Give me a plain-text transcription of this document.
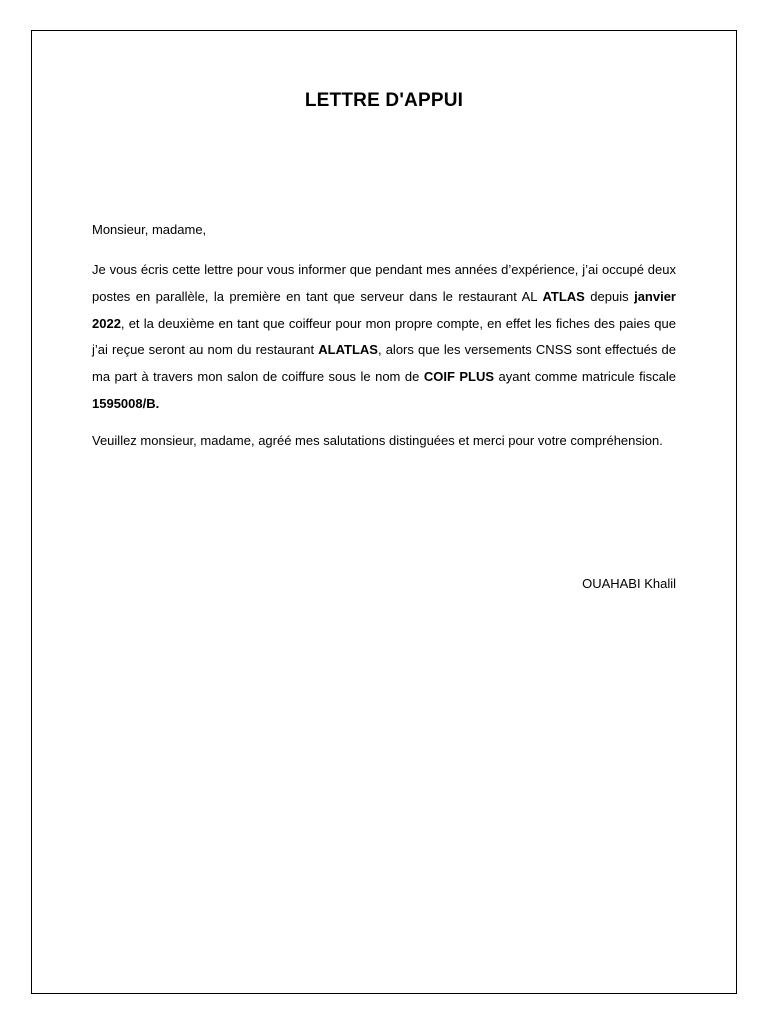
LETTRE D'APPUI
Monsieur, madame,
Je vous écris cette lettre pour vous informer que pendant mes années d’expérience, j’ai occupé deux postes en parallèle, la première en tant que serveur dans le restaurant AL ATLAS depuis janvier 2022, et la deuxième en tant que coiffeur pour mon propre compte, en effet les fiches des paies que j’ai reçue seront au nom du restaurant ALATLAS, alors que les versements CNSS sont effectués de ma part à travers mon salon de coiffure sous le nom de COIF PLUS ayant comme matricule fiscale 1595008/B.
Veuillez monsieur, madame, agréé mes salutations distinguées et merci pour votre compréhension.
OUAHABI Khalil
